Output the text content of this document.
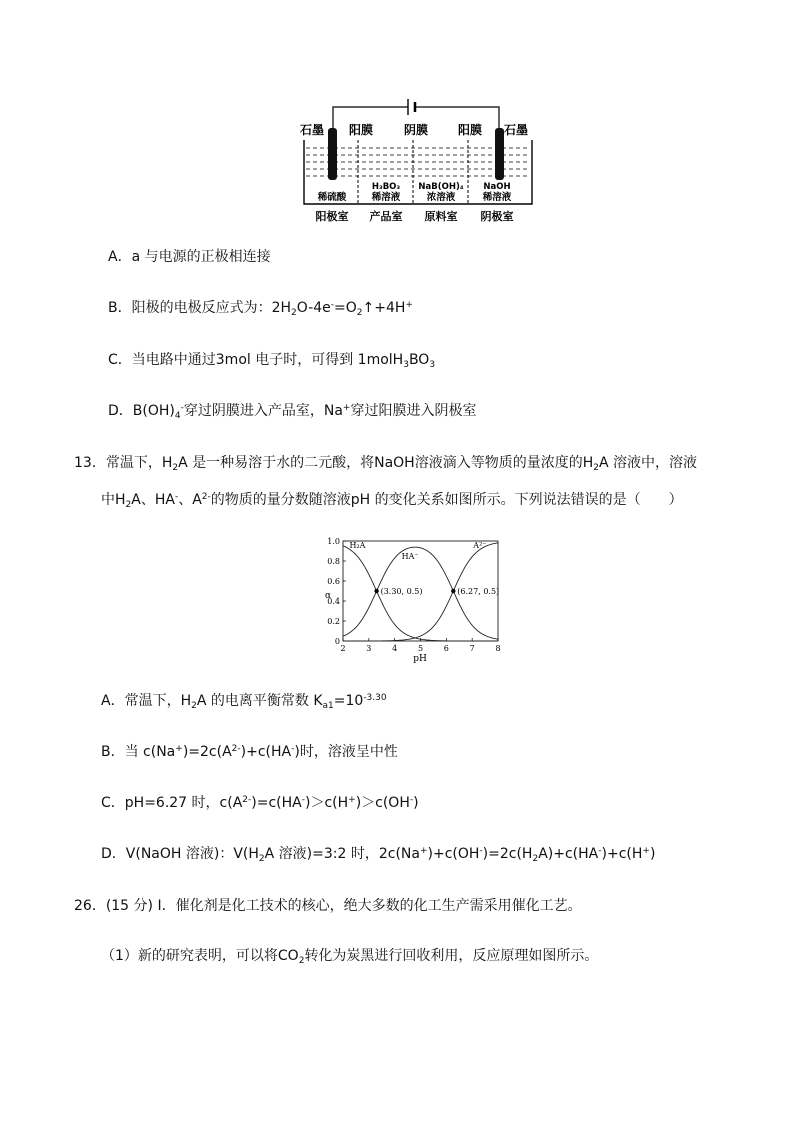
石墨 阳膜	阴膜 阳膜 石墨
稀硫酸
H₃BO₃
稀溶液
NaB(OH)₄
浓溶液
NaOH
稀溶液
阳极室 产品室 原料室 阴极室
A．a 与电源的正极相连接
B．阳极的电极反应式为：$2H_2O-4e^-=O_2↑+4H^+$
C．当电路中通过3mol 电子时，可得到 $1molH_3BO_3$
D．$B(OH)_4^-$穿过阴膜进入产品室，Na+穿过阳膜进入阴极室
13．常温下，$H_2A$ 是一种易溶于水的二元酸，将NaOH溶液滴入等物质的量浓度的$H_2A$ 溶液中，溶液
中$H_2A$、HA-、$A^{2-}$的物质的量分数随溶液pH 的变化关系如图所示。下列说法错误的是（　　）
2	3	4	5	6	7	8
0
0.2
0.4
0.6
0.8
1.0 H₂A
HA⁻
A²⁻
(3.30, 0.5)	(6.27, 0.5)
α
pH
A．常温下，$H_2A$ 的电离平衡常数 $K_{a1}=10^{-3.30}$
B．当 $c(Na^+)=2c(A^{2-})+c(HA^-)$时，溶液呈中性
C．pH=6.27 时，$c(A^{2-})=c(HA^-)>c(H^+)>c(OH^-)$
D．V(NaOH 溶液)：$V(H_2A$ 溶液)=3:2 时，$2c(Na^+)+c(OH^-)=2c(H_2A)+c(HA^-)+c(H^+)$
26．(15 分) Ⅰ．催化剂是化工技术的核心，绝大多数的化工生产需采用催化工艺。
（1）新的研究表明，可以将$CO_2$转化为炭黑进行回收利用，反应原理如图所示。
